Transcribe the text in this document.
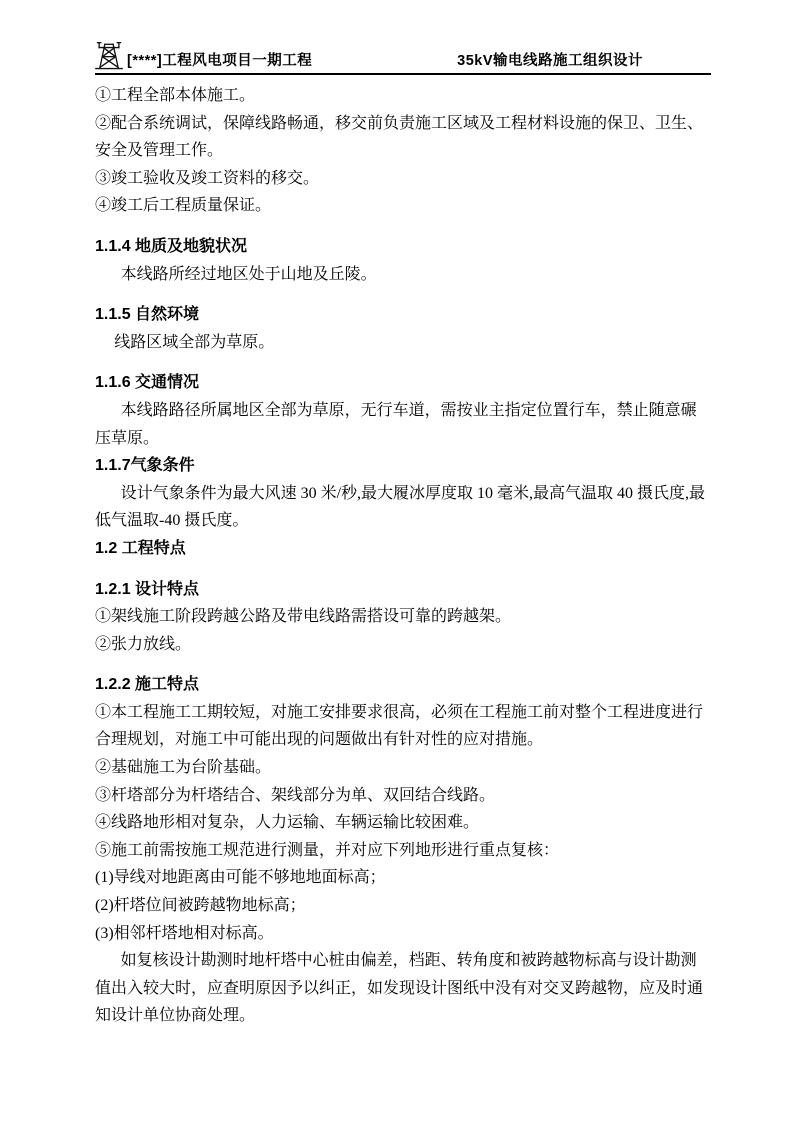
[****]工程风电项目一期工程	35kV输电线路施工组织设计

①工程全部本体施工。

②配合系统调试，保障线路畅通，移交前负责施工区域及工程材料设施的保卫、卫生、安全及管理工作。

③竣工验收及竣工资料的移交。

④竣工后工程质量保证。

1.1.4 地质及地貌状况

本线路所经过地区处于山地及丘陵。

1.1.5 自然环境

线路区域全部为草原。

1.1.6 交通情况

本线路路径所属地区全部为草原，无行车道，需按业主指定位置行车，禁止随意碾压草原。

1.1.7气象条件

设计气象条件为最大风速 30 米/秒,最大履冰厚度取 10 毫米,最高气温取 40 摄氏度,最低气温取-40 摄氏度。

1.2 工程特点

1.2.1 设计特点

①架线施工阶段跨越公路及带电线路需搭设可靠的跨越架。

②张力放线。

1.2.2 施工特点

①本工程施工工期较短，对施工安排要求很高，必须在工程施工前对整个工程进度进行合理规划，对施工中可能出现的问题做出有针对性的应对措施。

②基础施工为台阶基础。

③杆塔部分为杆塔结合、架线部分为单、双回结合线路。

④线路地形相对复杂，人力运输、车辆运输比较困难。

⑤施工前需按施工规范进行测量，并对应下列地形进行重点复核：

(1)导线对地距离由可能不够地地面标高；

(2)杆塔位间被跨越物地标高；

(3)相邻杆塔地相对标高。

如复核设计勘测时地杆塔中心桩由偏差，档距、转角度和被跨越物标高与设计勘测值出入较大时，应查明原因予以纠正，如发现设计图纸中没有对交叉跨越物，应及时通知设计单位协商处理。
